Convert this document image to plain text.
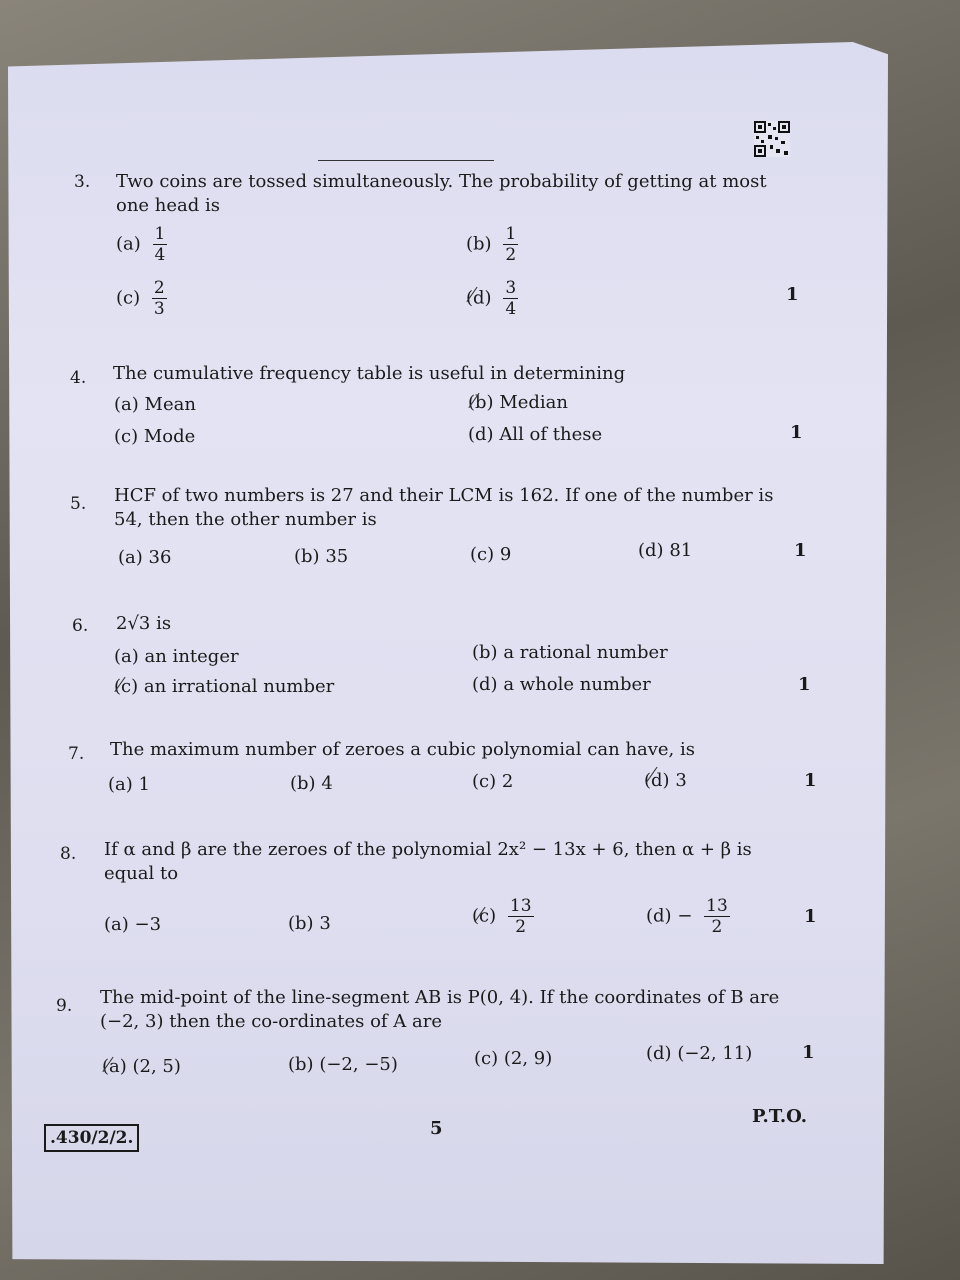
3. Two coins are tossed simultaneously. The probability of getting at most
one head is
$(a) \frac{1}{4}$	$(b) \frac{1}{2}$
$(c) \frac{2}{3}$	$(d) \frac{3}{4}$	1
4. The cumulative frequency table is useful in determining
(a) Mean	(b) Median
(c) Mode	(d) All of these	1
5. HCF of two numbers is 27 and their LCM is 162. If one of the number is
54, then the other number is
(a) 36	(b) 35	(c) 9	(d) 81	1
6. 2√3 is
(a) an integer	(b) a rational number
(c) an irrational number	(d) a whole number	1
7. The maximum number of zeroes a cubic polynomial can have, is
(a) 1	(b) 4	(c) 2	(d) 3	1
8. If α and β are the zeroes of the polynomial 2x² − 13x + 6, then α + β is
equal to
(a) −3	(b) 3	$(c) \frac{13}{2}$	$(d) - \frac{13}{2}$	1
9. The mid-point of the line-segment AB is P(0, 4). If the coordinates of B are
(−2, 3) then the co-ordinates of A are
(a) (2, 5)	(b) (−2, −5)	(c) (2, 9)	(d) (−2, 11)	1
.430/2/2.	5
P.T.O.
